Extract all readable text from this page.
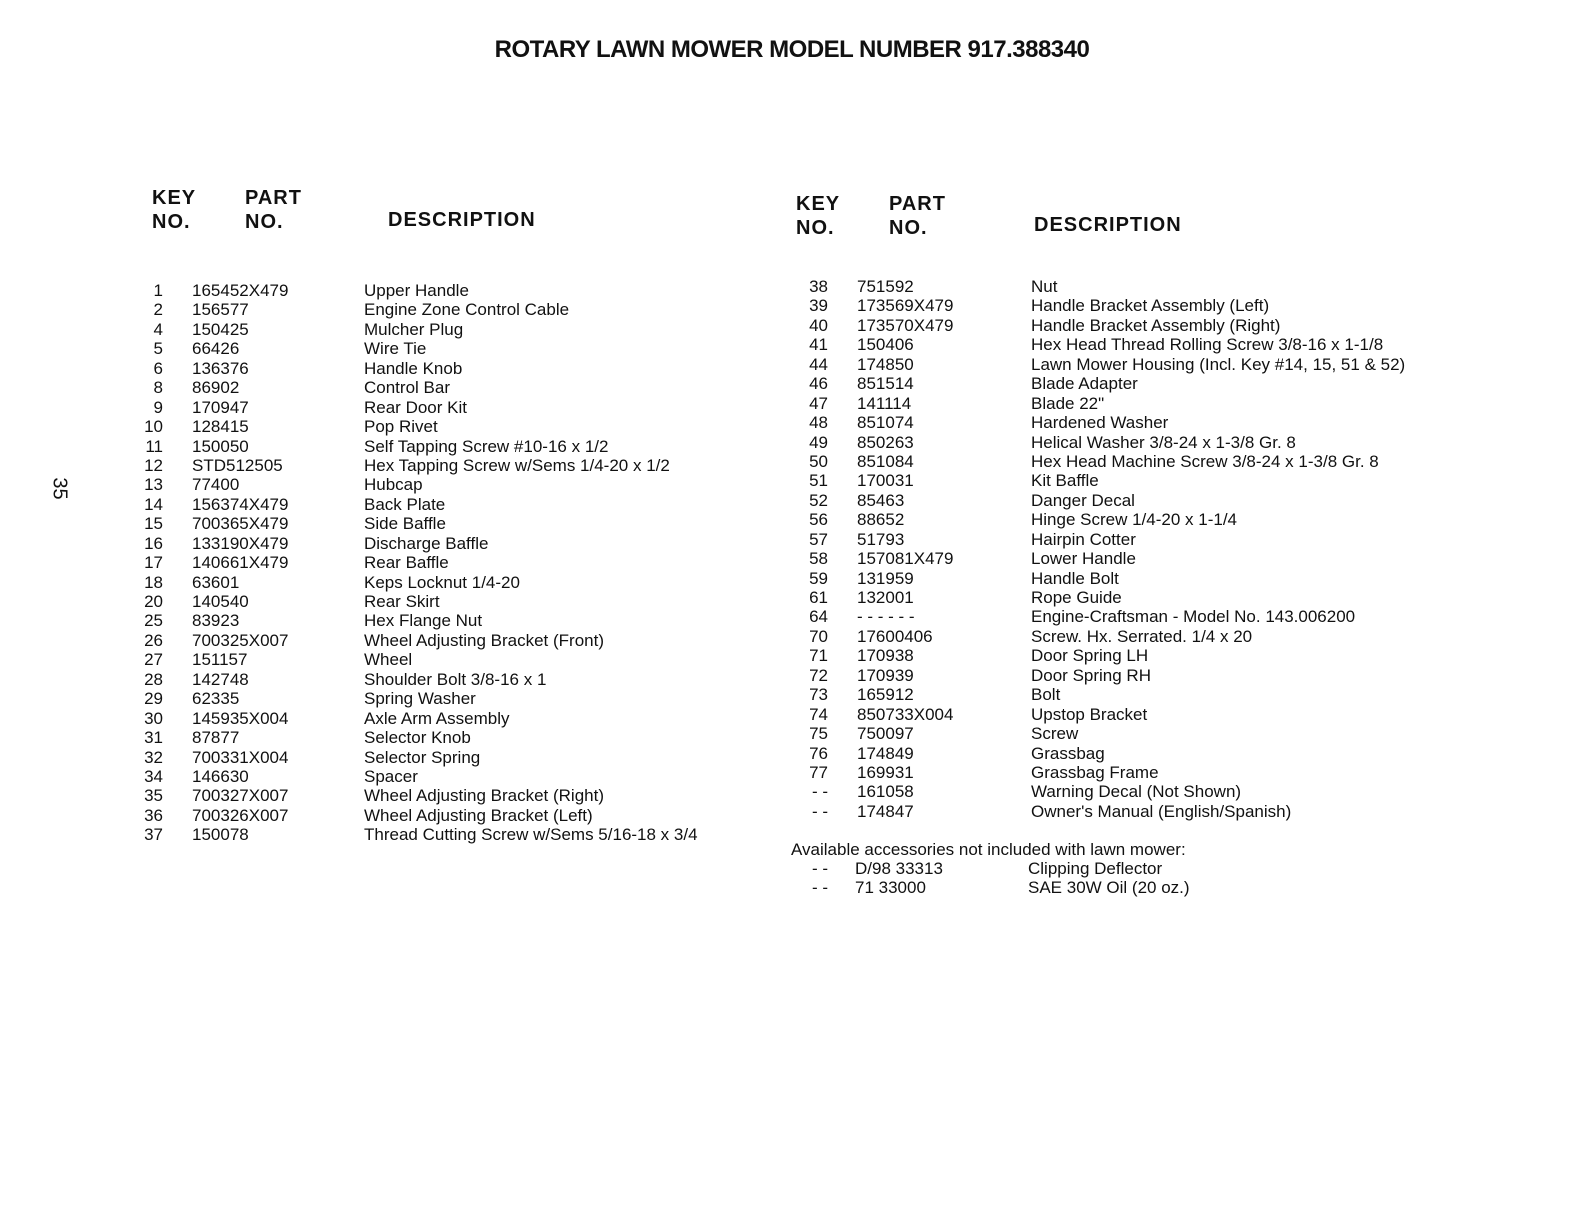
ROTARY LAWN MOWER MODEL NUMBER 917.388340
35
KEY
NO.
PART
NO.	DESCRIPTION
KEY
NO.
PART
NO.	DESCRIPTION
1 165452X479	Upper Handle
2 156577	Engine Zone Control Cable
4 150425	Mulcher Plug
5 66426	Wire Tie
6 136376	Handle Knob
8 86902	Control Bar
9 170947	Rear Door Kit
10 128415	Pop Rivet
11 150050	Self Tapping Screw #10-16 x 1/2
12 STD512505	Hex Tapping Screw w/Sems 1/4-20 x 1/2
13 77400	Hubcap
14 156374X479	Back Plate
15 700365X479	Side Baffle
16 133190X479	Discharge Baffle
17 140661X479	Rear Baffle
18 63601	Keps Locknut 1/4-20
20 140540	Rear Skirt
25 83923	Hex Flange Nut
26 700325X007	Wheel Adjusting Bracket (Front)
27 151157	Wheel
28 142748	Shoulder Bolt 3/8-16 x 1
29 62335	Spring Washer
30 145935X004	Axle Arm Assembly
31 87877	Selector Knob
32 700331X004	Selector Spring
34 146630	Spacer
35 700327X007	Wheel Adjusting Bracket (Right)
36 700326X007	Wheel Adjusting Bracket (Left)
37 150078	Thread Cutting Screw w/Sems 5/16-18 x 3/4
38 751592	Nut
39 173569X479	Handle Bracket Assembly (Left)
40 173570X479	Handle Bracket Assembly (Right)
41 150406	Hex Head Thread Rolling Screw 3/8-16 x 1-1/8
44 174850	Lawn Mower Housing (Incl. Key #14, 15, 51 & 52)
46 851514	Blade Adapter
47 141114	Blade 22"
48 851074	Hardened Washer
49 850263	Helical Washer 3/8-24 x 1-3/8 Gr. 8
50 851084	Hex Head Machine Screw 3/8-24 x 1-3/8 Gr. 8
51 170031	Kit Baffle
52 85463	Danger Decal
56 88652	Hinge Screw 1/4-20 x 1-1/4
57 51793	Hairpin Cotter
58 157081X479	Lower Handle
59 131959	Handle Bolt
61 132001	Rope Guide
64 - - - - - -	Engine-Craftsman - Model No. 143.006200
70 17600406	Screw. Hx. Serrated. 1/4 x 20
71 170938	Door Spring LH
72 170939	Door Spring RH
73 165912	Bolt
74 850733X004	Upstop Bracket
75 750097	Screw
76 174849	Grassbag
77 169931	Grassbag Frame
- - 161058	Warning Decal (Not Shown)
- - 174847	Owner's Manual (English/Spanish)
Available accessories not included with lawn mower:
- - D/98 33313	Clipping Deflector
- - 71 33000	SAE 30W Oil (20 oz.)
